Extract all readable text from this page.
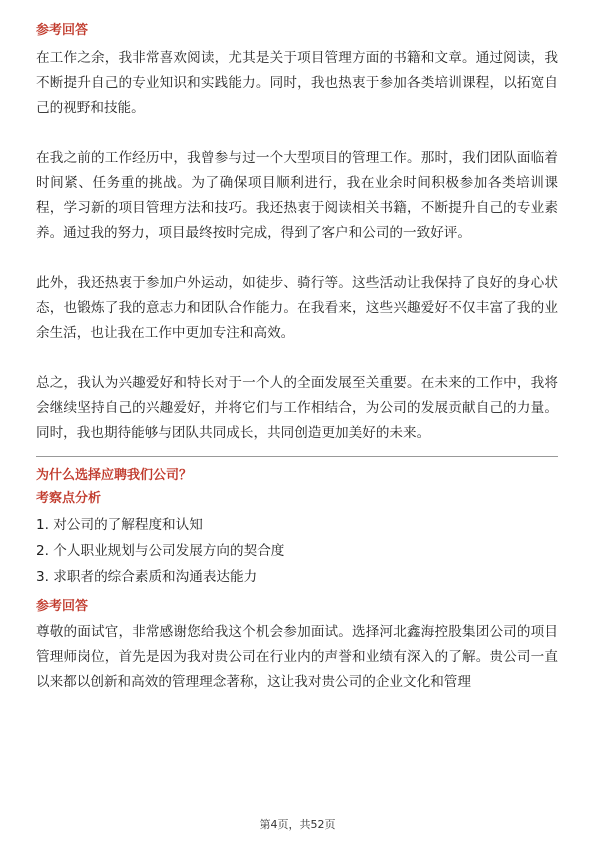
参考回答

在工作之余，我非常喜欢阅读，尤其是关于项目管理方面的书籍和文章。通过阅读，我不断提升自己的专业知识和实践能力。同时，我也热衷于参加各类培训课程，以拓宽自己的视野和技能。

在我之前的工作经历中，我曾参与过一个大型项目的管理工作。那时，我们团队面临着时间紧、任务重的挑战。为了确保项目顺利进行，我在业余时间积极参加各类培训课程，学习新的项目管理方法和技巧。我还热衷于阅读相关书籍，不断提升自己的专业素养。通过我的努力，项目最终按时完成，得到了客户和公司的一致好评。

此外，我还热衷于参加户外运动，如徒步、骑行等。这些活动让我保持了良好的身心状态，也锻炼了我的意志力和团队合作能力。在我看来，这些兴趣爱好不仅丰富了我的业余生活，也让我在工作中更加专注和高效。

总之，我认为兴趣爱好和特长对于一个人的全面发展至关重要。在未来的工作中，我将会继续坚持自己的兴趣爱好，并将它们与工作相结合，为公司的发展贡献自己的力量。同时，我也期待能够与团队共同成长，共同创造更加美好的未来。

为什么选择应聘我们公司？
考察点分析

1. 对公司的了解程度和认知

2. 个人职业规划与公司发展方向的契合度

3. 求职者的综合素质和沟通表达能力

参考回答

尊敬的面试官，非常感谢您给我这个机会参加面试。选择河北鑫海控股集团公司的项目管理师岗位，首先是因为我对贵公司在行业内的声誉和业绩有深入的了解。贵公司一直以来都以创新和高效的管理理念著称，这让我对贵公司的企业文化和管理

第4页，共52页
